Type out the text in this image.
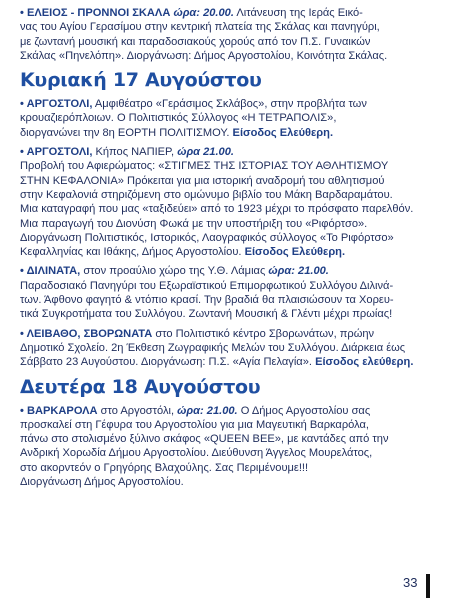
• ΕΛΕΙΟΣ - ΠΡΟΝΝΟΙ ΣΚΑΛΑ ώρα: 20.00. Λιτάνευση της Ιεράς Εικό-
νας του Αγίου Γερασίμου στην κεντρική πλατεία της Σκάλας και πανηγύρι,
με ζωντανή μουσική και παραδοσιακούς χορούς από τον Π.Σ. Γυναικών
Σκάλας «Πηνελόπη». Διοργάνωση: Δήμος Αργοστολίου, Κοινότητα Σκάλας.
Κυριακή 17 Αυγούστου
• ΑΡΓΟΣΤΟΛΙ, Αμφιθέατρο «Γεράσιμος Σκλάβος», στην προβλήτα των
κρουαζιερόπλοιων. Ο Πολιτιστικός Σύλλογος «Η ΤΕΤΡΑΠΟΛΙΣ»,
διοργανώνει την 8η ΕΟΡΤΗ ΠΟΛΙΤΙΣΜΟΥ. Είσοδος Ελεύθερη.
• ΑΡΓΟΣΤΟΛΙ, Κήπος ΝΑΠΙΕΡ, ώρα 21.00.
Προβολή του Αφιερώματος: «ΣΤΙΓΜΕΣ ΤΗΣ ΙΣΤΟΡΙΑΣ ΤΟΥ ΑΘΛΗΤΙΣΜΟΥ
ΣΤΗΝ ΚΕΦΑΛΟΝΙΑ» Πρόκειται για μια ιστορική αναδρομή του αθλητισμού
στην Κεφαλονιά στηριζόμενη στο ομώνυμο βιβλίο του Μάκη Βαρδαραμάτου.
Μια καταγραφή που μας «ταξιδεύει» από το 1923 μέχρι το πρόσφατο παρελθόν.
Μια παραγωγή του Διονύση Φωκά με την υποστήριξη του «Ριφόρτσο».
Διοργάνωση Πολιτιστικός, Ιστορικός, Λαογραφικός σύλλογος «Το Ριφόρτσο»
Κεφαλληνίας και Ιθάκης, Δήμος Αργοστολίου. Είσοδος Ελεύθερη.
• ΔΙΛΙΝΑΤΑ, στον προαύλιο χώρο της Υ.Θ. Λάμιας ώρα: 21.00.
Παραδοσιακό Πανηγύρι του Εξωραϊστικού Επιμορφωτικού Συλλόγου Διλινά-
των. Άφθονο φαγητό & ντόπιο κρασί. Την βραδιά θα πλαισιώσουν τα Χορευ-
τικά Συγκροτήματα του Συλλόγου. Ζωντανή Μουσική & Γλέντι μέχρι πρωίας!
• ΛΕΙΒΑΘΟ, ΣΒΟΡΩΝΑΤΑ στο Πολιτιστικό κέντρο Σβορωνάτων, πρώην
Δημοτικό Σχολείο. 2η Έκθεση Ζωγραφικής Μελών του Συλλόγου. Διάρκεια έως
Σάββατο 23 Αυγούστου. Διοργάνωση: Π.Σ. «Αγία Πελαγία». Είσοδος ελεύθερη.
Δευτέρα 18 Αυγούστου
• ΒΑΡΚΑΡΟΛΑ στο Αργοστόλι, ώρα: 21.00. Ο Δήμος Αργοστολίου σας
προσκαλεί στη Γέφυρα του Αργοστολίου για μια Μαγευτική Βαρκαρόλα,
πάνω στο στολισμένο ξύλινο σκάφος «QUEEN BEE», με καντάδες από την
Ανδρική Χορωδία Δήμου Αργοστολίου. Διεύθυνση Άγγελος Μουρελάτος,
στο ακορντεόν ο Γρηγόρης Βλαχούλης. Σας Περιμένουμε!!!
Διοργάνωση Δήμος Αργοστολίου.
33
